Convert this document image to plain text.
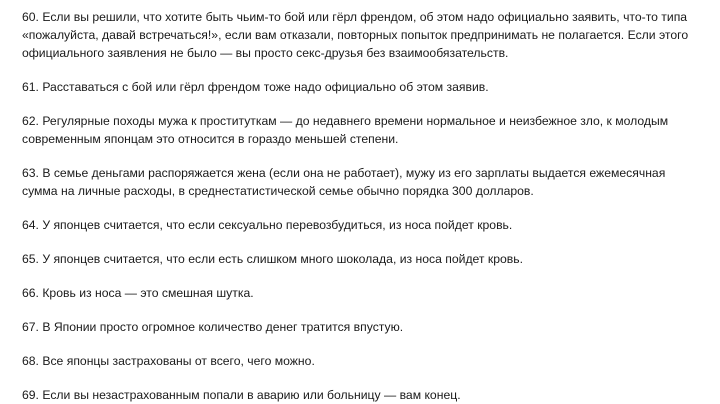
60. Если вы решили, что хотите быть чьим-то бой или гёрл френдом, об этом надо официально заявить, что-то типа «пожалуйста, давай встречаться!», если вам отказали, повторных попыток предпринимать не полагается. Если этого официального заявления не было — вы просто секс-друзья без взаимообязательств.

61. Расставаться с бой или гёрл френдом тоже надо официально об этом заявив.

62. Регулярные походы мужа к проституткам — до недавнего времени нормальное и неизбежное зло, к молодым современным японцам это относится в гораздо меньшей степени.

63. В семье деньгами распоряжается жена (если она не работает), мужу из его зарплаты выдается ежемесячная сумма на личные расходы, в среднестатистической семье обычно порядка 300 долларов.

64. У японцев считается, что если сексуально перевозбудиться, из носа пойдет кровь.

65. У японцев считается, что если есть слишком много шоколада, из носа пойдет кровь.

66. Кровь из носа — это смешная шутка.

67. В Японии просто огромное количество денег тратится впустую.

68. Все японцы застрахованы от всего, чего можно.

69. Если вы незастрахованным попали в аварию или больницу — вам конец.
